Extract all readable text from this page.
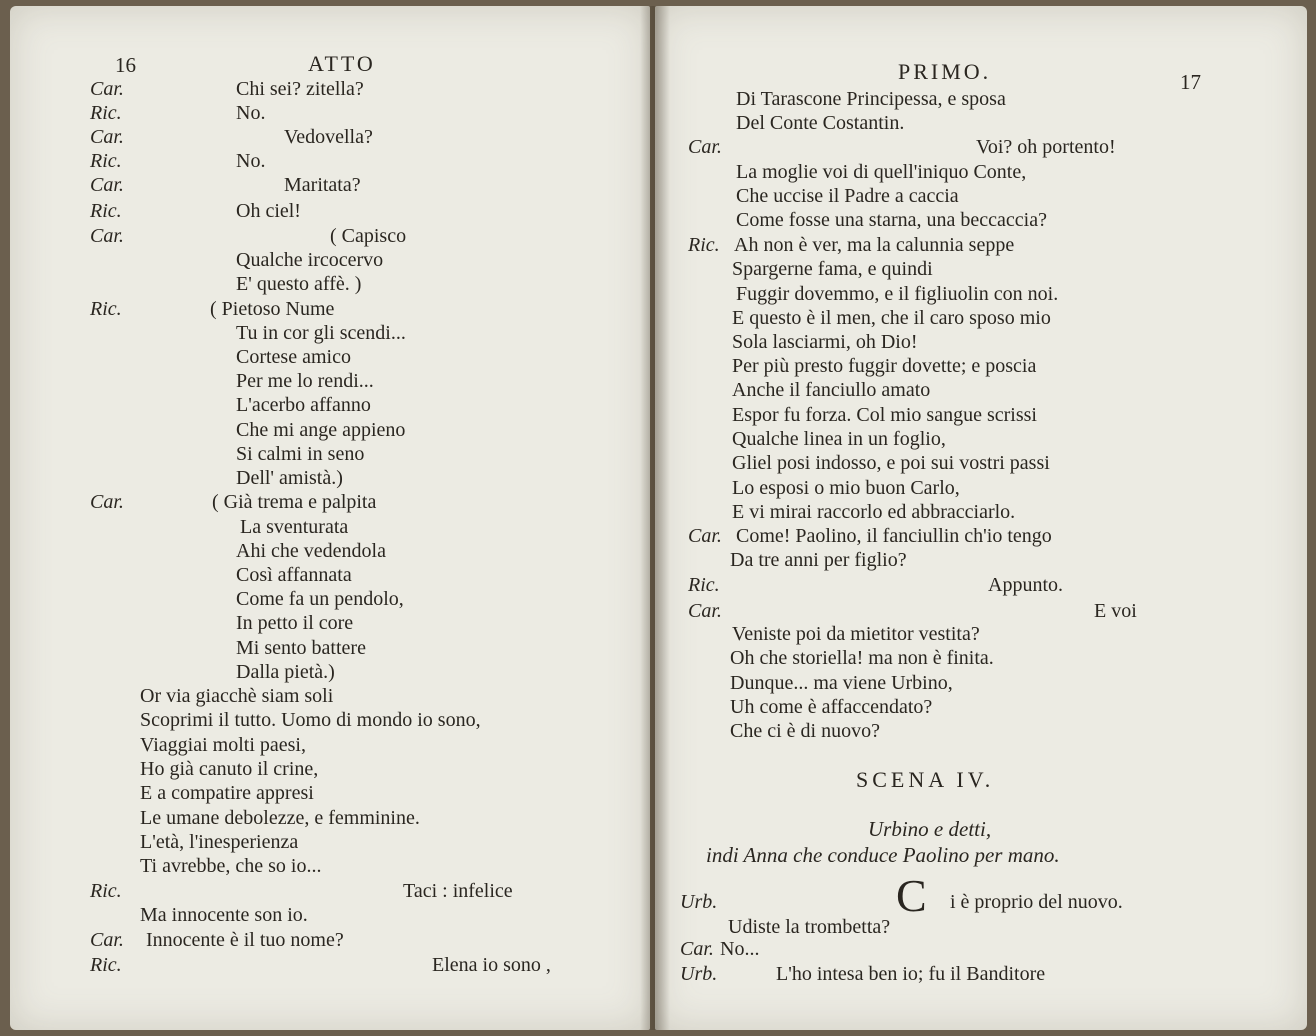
16	ATTO
Car.	Chi sei? zitella?
Ric.	No.
Car.	Vedovella?
Ric.	No.
Car.	Maritata?
Ric.	Oh ciel!
Car.	( Capisco
Qualche ircocervo
E' questo affè. )
Ric.	( Pietoso Nume
Tu in cor gli scendi...
Cortese amico
Per me lo rendi...
L'acerbo affanno
Che mi ange appieno
Si calmi in seno
Dell' amistà.)
Car.	( Già trema e palpita
La sventurata
Ahi che vedendola
Così affannata
Come fa un pendolo,
In petto il core
Mi sento battere
Dalla pietà.)
Or via giacchè siam soli
Scoprimi il tutto. Uomo di mondo io sono,
Viaggiai molti paesi,
Ho già canuto il crine,
E a compatire appresi
Le umane debolezze, e femminine.
L'età, l'inesperienza
Ti avrebbe, che so io...
Ric.	Taci : infelice
Ma innocente son io.
Car. Innocente è il tuo nome?
Ric.	Elena io sono ,
PRIMO.	17
Di Tarascone Principessa, e sposa
Del Conte Costantin.
Car.	Voi? oh portento!
La moglie voi di quell'iniquo Conte,
Che uccise il Padre a caccia
Come fosse una starna, una beccaccia?
Ric. Ah non è ver, ma la calunnia seppe
Spargerne fama, e quindi
Fuggir dovemmo, e il figliuolin con noi.
E questo è il men, che il caro sposo mio
Sola lasciarmi, oh Dio!
Per più presto fuggir dovette; e poscia
Anche il fanciullo amato
Espor fu forza. Col mio sangue scrissi
Qualche linea in un foglio,
Gliel posi indosso, e poi sui vostri passi
Lo esposi o mio buon Carlo,
E vi mirai raccorlo ed abbracciarlo.
Car. Come! Paolino, il fanciullin ch'io tengo
Da tre anni per figlio?
Ric.	Appunto.
Car.	E voi
Veniste poi da mietitor vestita?
Oh che storiella! ma non è finita.
Dunque... ma viene Urbino,
Uh come è affaccendato?
Che ci è di nuovo?
SCENA IV.
Urbino e detti,
indi Anna che conduce Paolino per mano.
Urb.	C i è proprio del nuovo.
Udiste la trombetta?
Car. No...
Urb.	L'ho intesa ben io; fu il Banditore
